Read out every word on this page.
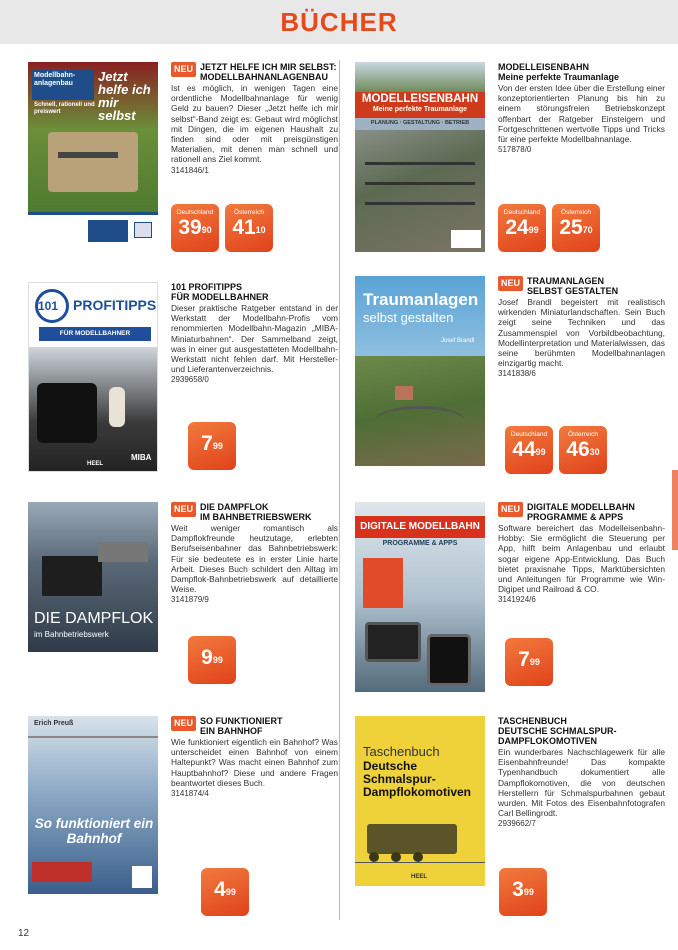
BÜCHER
Modellbahn-anlagenbau	Jetzt helfe ich mir selbst
Schnell, rationell und preiswert
NEU JETZT HELFE ICH MIR SELBST:
MODELLBAHNANLAGENBAU
Ist es möglich, in wenigen Tagen eine ordentliche Modellbahnanlage für wenig Geld zu bauen? Dieser „Jetzt helfe ich mir selbst“-Band zeigt es: Gebaut wird möglichst mit Dingen, die im eigenen Haushalt zu finden sind oder mit preisgünstigen Materialien, mit denen man schnell und rationell ans Ziel kommt.
3141846/1
Deutschland
$39^{90}$
Österreich
$41^{10}$
MODELLEISENBAHN
Meine perfekte Traumanlage
PLANUNG · GESTALTUNG · BETRIEB
MODELLEISENBAHN
Meine perfekte Traumanlage
Von der ersten Idee über die Erstellung einer konzeptorientierten Planung bis hin zu einem störungsfreien Betriebskonzept offenbart der Ratgeber Einsteigern und Fortgeschrittenen wertvolle Tipps und Tricks für eine perfekte Modellbahnanlage.
517878/0
Deutschland
$24^{99}$
Österreich
$25^{70}$
101 PROFITIPPS
FÜR MODELLBAHNER
MIBA
HEEL
101 PROFITIPPS
FÜR MODELLBAHNER
Dieser praktische Ratgeber entstand in der Werkstatt der Modellbahn-Profis vom renommierten Modellbahn-Magazin „MIBA-Miniaturbahnen“. Der Sammelband zeigt, was in einer gut ausgestatteten Modellbahn-Werkstatt nicht fehlen darf. Mit Hersteller- und Lieferantenverzeichnis.
2939658/0
$7^{99}$
Traumanlagen
selbst gestalten
Josef Brandl
NEU TRAUMANLAGEN
SELBST GESTALTEN
Josef Brandl begeistert mit realistisch wirkenden Miniaturlandschaften. Sein Buch zeigt seine Techniken und das Zusammenspiel von Vorbildbeobachtung, Modellinterpretation und Materialwissen, das seine berühmten Modellbahnanlagen einzigartig macht.
3141838/6
Deutschland
$44^{99}$
Österreich
$46^{30}$
DIE DAMPFLOK
im Bahnbetriebswerk
NEU DIE DAMPFLOK
IM BAHNBETRIEBSWERK
Weit weniger romantisch als Dampflokfreunde heutzutage, erlebten Berufseisenbahner das Bahnbetriebswerk: Für sie bedeutete es in erster Linie harte Arbeit. Dieses Buch schildert den Alltag im Dampflok-Bahnbetriebswerk auf detaillierte Weise.
3141879/9
$9^{99}$
DIGITALE MODELLBAHN
PROGRAMME & APPS
NEU DIGITALE MODELLBAHN
PROGRAMME & APPS
Software bereichert das Modelleisenbahn-Hobby: Sie ermöglicht die Steuerung per App, hilft beim Anlagenbau und erlaubt sogar eigene App-Entwicklung. Das Buch bietet praxisnahe Tipps, Marktübersichten und Anleitungen für Programme wie Win-Digipet und Railroad & CO.
3141924/6
$7^{99}$
Erich Preuß
So funktioniert ein Bahnhof
NEU SO FUNKTIONIERT
EIN BAHNHOF
Wie funktioniert eigentlich ein Bahnhof? Was unterscheidet einen Bahnhof von einem Haltepunkt? Was macht einen Bahnhof zum Hauptbahnhof? Diese und andere Fragen beantwortet dieses Buch.
3141874/4
$4^{99}$
Taschenbuch
Deutsche Schmalspur-Dampflokomotiven
HEEL
TASCHENBUCH
DEUTSCHE SCHMALSPUR-DAMPFLOKOMOTIVEN
Ein wunderbares Nachschlagewerk für alle Eisenbahnfreunde! Das kompakte Typenhandbuch dokumentiert alle Dampflokomotiven, die von deutschen Herstellern für Schmalspurbahnen gebaut wurden. Mit Fotos des Eisenbahnfotografen Carl Bellingrodt.
2939662/7
$3^{99}$
12
